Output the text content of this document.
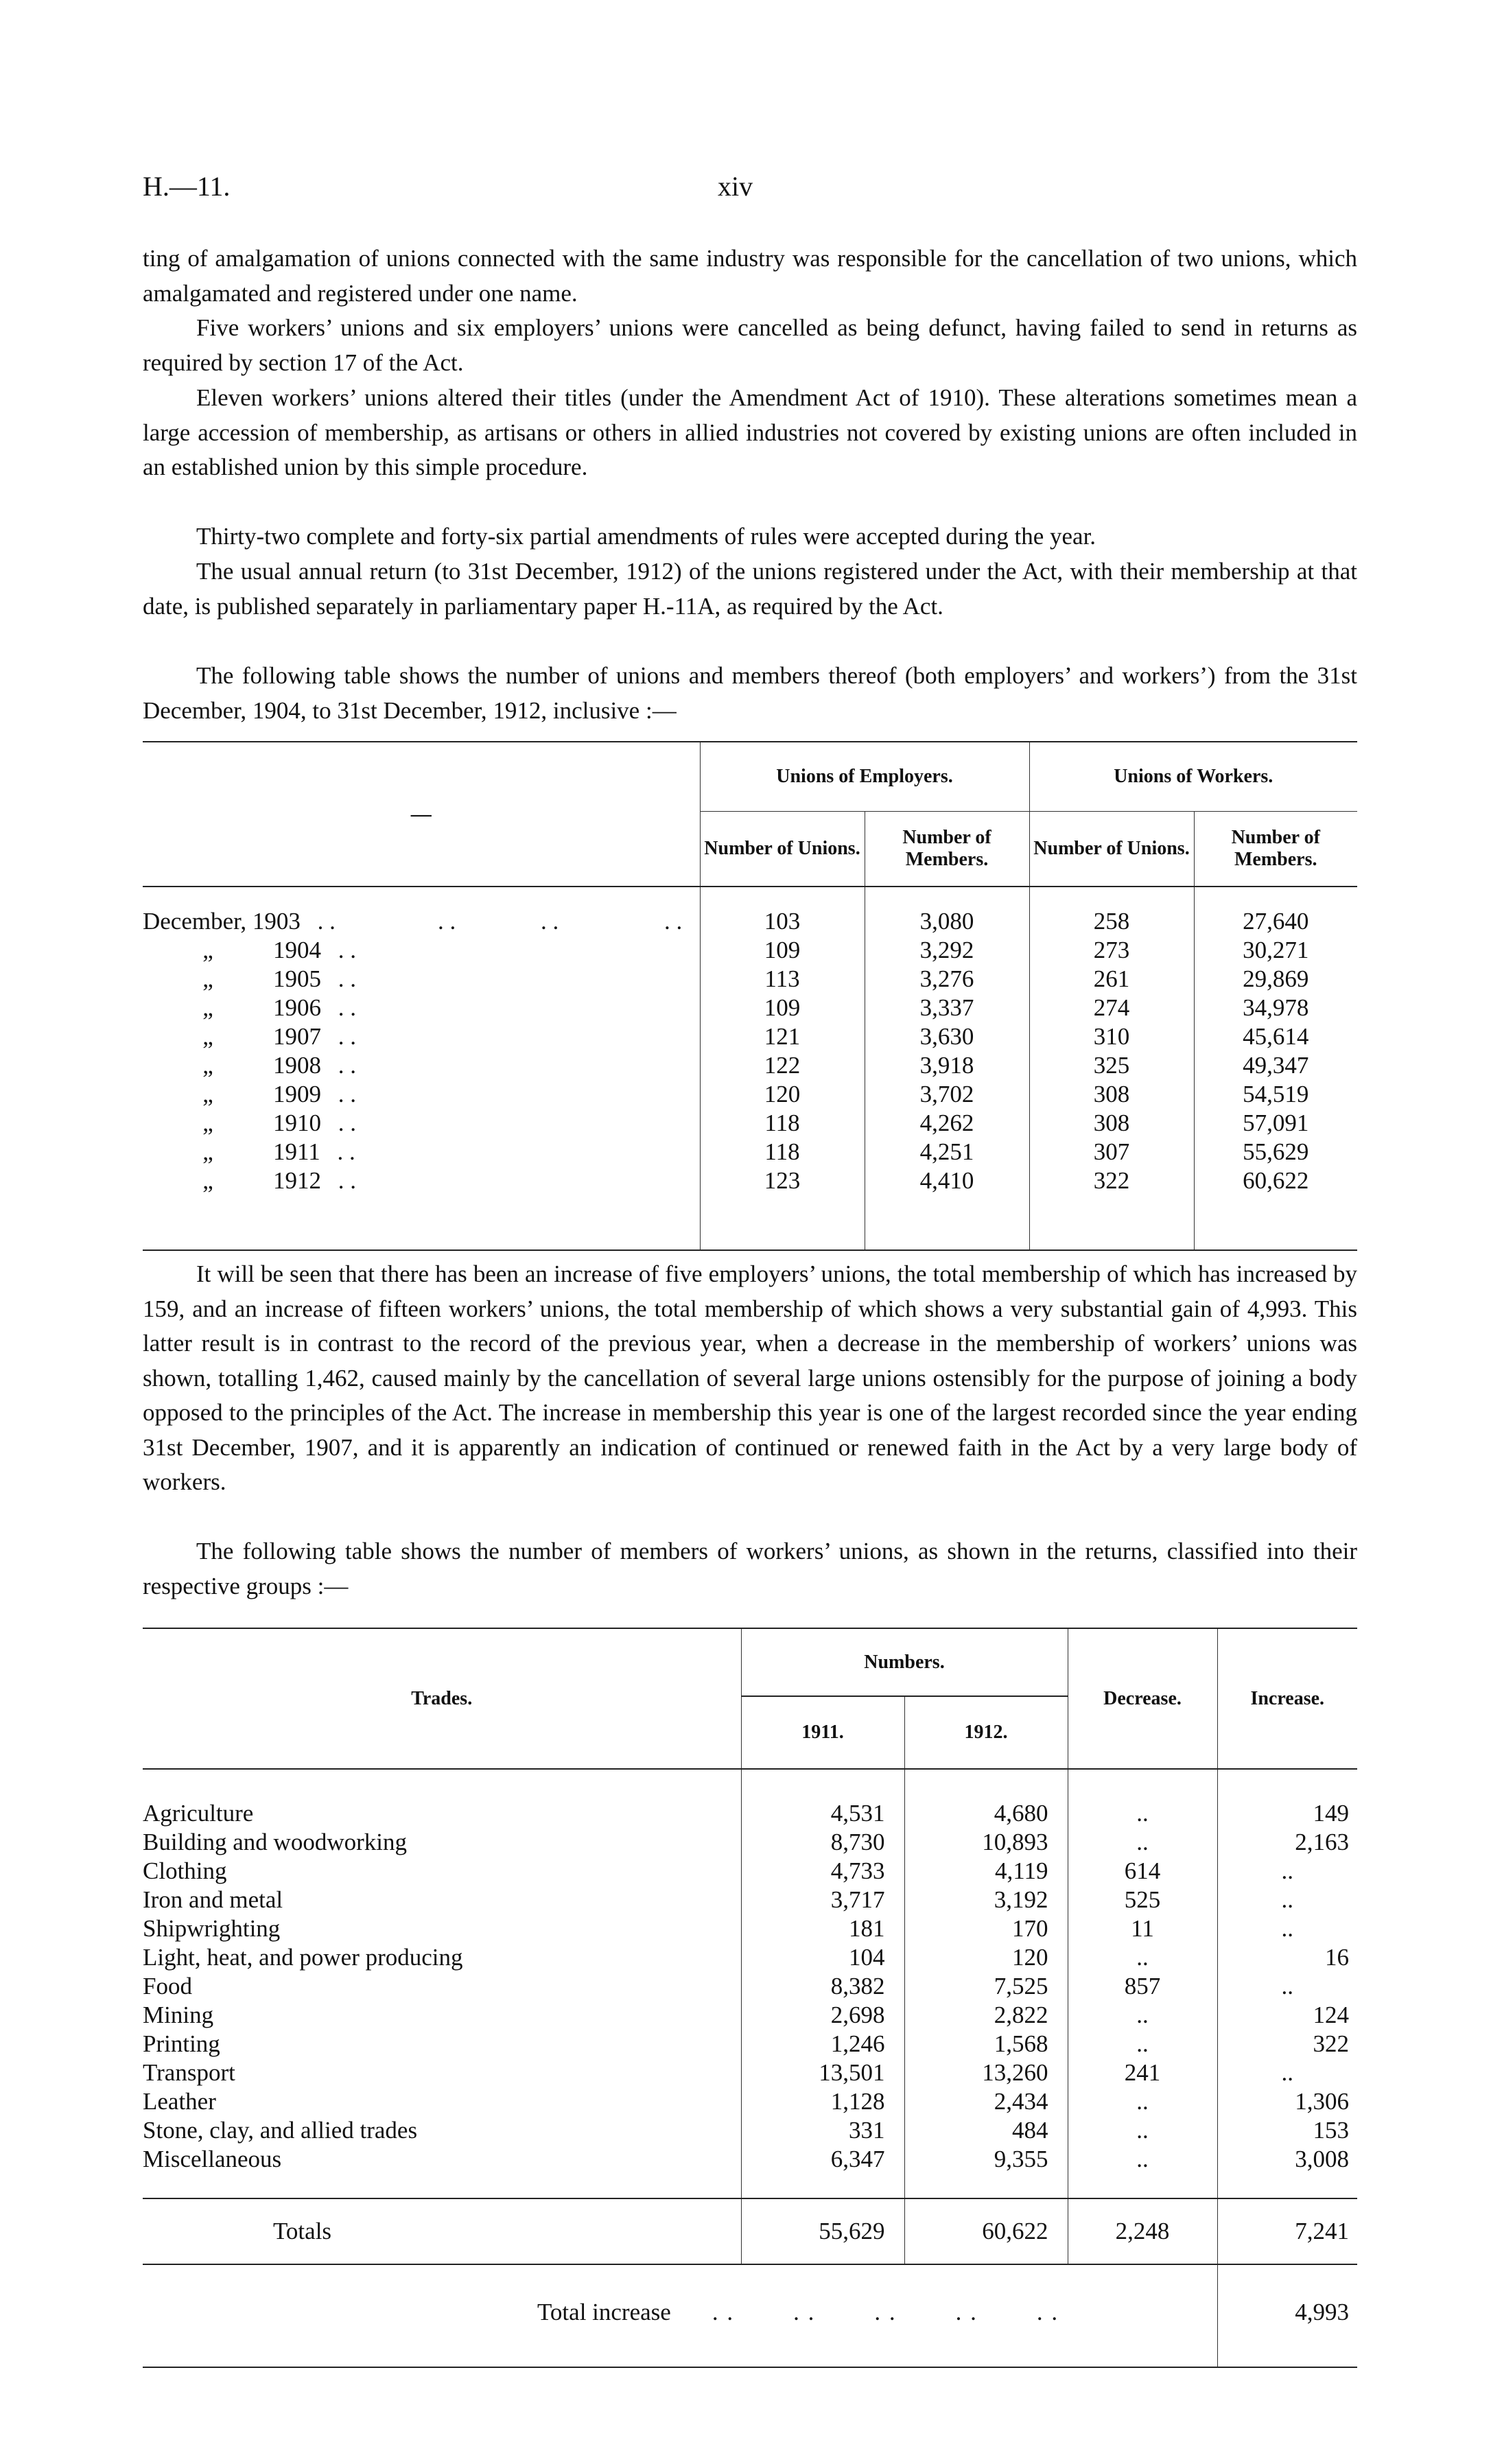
H.—11.	xiv

ting of amalgamation of unions connected with the same industry was responsible for the cancellation of two unions, which amalgamated and registered under one name.

Five workers’ unions and six employers’ unions were cancelled as being defunct, having failed to send in returns as required by section 17 of the Act.

Eleven workers’ unions altered their titles (under the Amendment Act of 1910). These alterations sometimes mean a large accession of membership, as artisans or others in allied industries not covered by existing unions are often included in an established union by this simple procedure.

Thirty-two complete and forty-six partial amendments of rules were accepted during the year.

The usual annual return (to 31st December, 1912) of the unions registered under the Act, with their membership at that date, is published separately in parliamentary paper H.-11A, as required by the Act.

The following table shows the number of unions and members thereof (both employers’ and workers’) from the 31st December, 1904, to 31st December, 1912, inclusive :—

—	Unions of Employers.		Unions of Workers.	
	Number of Unions.	Number of Members.	Number of Unions.	Number of Members.

December, 1903 . . . . . . . .	103	3,080	258	27,640
„ 1904 . .	109	3,292	273	30,271
„ 1905 . .	113	3,276	261	29,869
„ 1906 . .	109	3,337	274	34,978
„ 1907 . .	121	3,630	310	45,614
„ 1908 . .	122	3,918	325	49,347
„ 1909 . .	120	3,702	308	54,519
„ 1910 . .	118	4,262	308	57,091
„ 1911 . .	118	4,251	307	55,629
„ 1912 . .	123	4,410	322	60,622

It will be seen that there has been an increase of five employers’ unions, the total membership of which has increased by 159, and an increase of fifteen workers’ unions, the total membership of which shows a very substantial gain of 4,993. This latter result is in contrast to the record of the previous year, when a decrease in the membership of workers’ unions was shown, totalling 1,462, caused mainly by the cancellation of several large unions ostensibly for the purpose of joining a body opposed to the principles of the Act. The increase in membership this year is one of the largest recorded since the year ending 31st December, 1907, and it is apparently an indication of continued or renewed faith in the Act by a very large body of workers.

The following table shows the number of members of workers’ unions, as shown in the returns, classified into their respective groups :—

Trades.	Numbers.		Decrease.	Increase.
	1911.	1912.		

Agriculture	4,531	4,680	..	149
Building and woodworking	8,730	10,893	..	2,163
Clothing	4,733	4,119	614	..
Iron and metal	3,717	3,192	525	..
Shipwrighting	181	170	11	..
Light, heat, and power producing	104	120	..	16
Food	8,382	7,525	857	..
Mining	2,698	2,822	..	124
Printing	1,246	1,568	..	322
Transport	13,501	13,260	241	..
Leather	1,128	2,434	..	1,306
Stone, clay, and allied trades	331	484	..	153
Miscellaneous	6,347	9,355	..	3,008

Totals	55,629	60,622	2,248	7,241

Total increase . .        . .        . .        . .        . .				4,993
